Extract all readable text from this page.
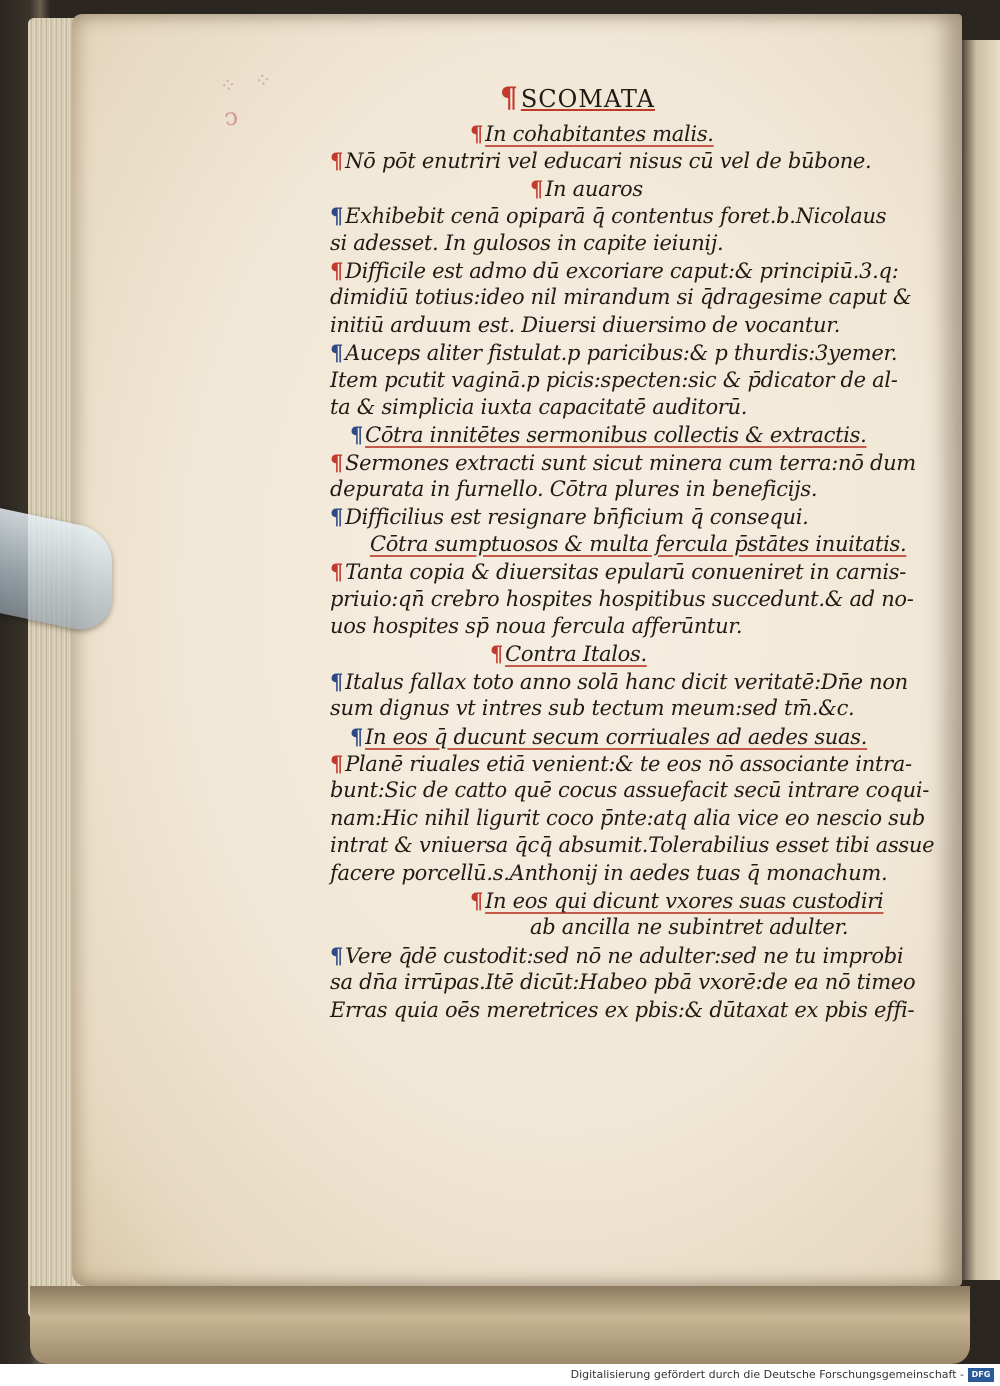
⁘ ⁘
ↄ
¶SCOMATA
¶In cohabitantes malis.
¶Nō pōt enutriri vel educari nisus cū vel de būbone.
¶In auaros
¶Exhibebit cenā opiparā q̄ contentus foret.b.Nicolaus
si adesset. In gulosos in capite ieiunij.
¶Difficile est admo dū excoriare caput:& principiū.3.q:
dimidiū totius:ideo nil mirandum si q̄dragesime caput &
initiū arduum est. Diuersi diuersimo de vocantur.
¶Auceps aliter fistulat.p paricibus:& p thurdis:3yemer.
Item pcutit vaginā.p picis:specten:sic & p̄dicator de al-
ta & simplicia iuxta capacitatē auditorū.
¶Cōtra innitētes sermonibus collectis & extractis.
¶Sermones extracti sunt sicut minera cum terra:nō dum
depurata in furnello. Cōtra plures in beneficijs.
¶Difficilius est resignare bn̄ficium q̄ consequi.
Cōtra sumptuosos & multa fercula p̄stātes inuitatis.
¶Tanta copia & diuersitas epularū conueniret in carnis-
priuio:qn̄ crebro hospites hospitibus succedunt.& ad no-
uos hospites sp̄ noua fercula afferūntur.
¶Contra Italos.
¶Italus fallax toto anno solā hanc dicit veritatē:Dn̄e non
sum dignus vt intres sub tectum meum:sed tm̄.&c.
¶In eos q̄ ducunt secum corriuales ad aedes suas.
¶Planē riuales etiā venient:& te eos nō associante intra-
bunt:Sic de catto quē cocus assuefacit secū intrare coqui-
nam:Hic nihil ligurit coco p̄nte:atq alia vice eo nescio sub
intrat & vniuersa q̄cq̄ absumit.Tolerabilius esset tibi assue
facere porcellū.s.Anthonij in aedes tuas q̄ monachum.
¶In eos qui dicunt vxores suas custodiri
ab ancilla ne subintret adulter.
¶Vere q̄dē custodit:sed nō ne adulter:sed ne tu improbi
sa dn̄a irrūpas.Itē dicūt:Habeo pbā vxorē:de ea nō timeo
Erras quia oēs meretrices ex pbis:& dūtaxat ex pbis effi-
Digitalisierung gefördert durch die Deutsche Forschungsgemeinschaft - DFG
